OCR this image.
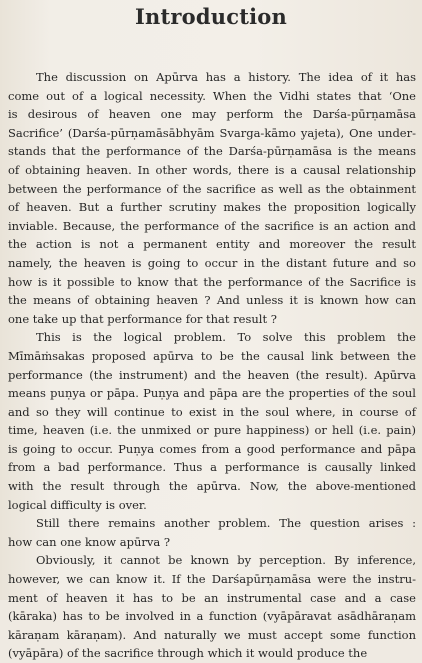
Introduction
The discussion on Apūrva has a history. The idea of it has
come out of a logical necessity. When the Vidhi states that ‘One
is desirous of heaven one may perform the Darśa-pūrṇamāsa
Sacrifice’ (Darśa-pūrṇamāsābhyām Svarga-kāmo yajeta), One under-
stands that the performance of the Darśa-pūrṇamāsa is the means
of obtaining heaven. In other words, there is a causal relationship
between the performance of the sacrifice as well as the obtainment
of heaven. But a further scrutiny makes the proposition logically
inviable. Because, the performance of the sacrifice is an action and
the action is not a permanent entity and moreover the result
namely, the heaven is going to occur in the distant future and so
how is it possible to know that the performance of the Sacrifice is
the means of obtaining heaven ? And unless it is known how can
one take up that performance for that result ?
This is the logical problem. To solve this problem the
Mīmāṁsakas proposed apūrva to be the causal link between the
performance (the instrument) and the heaven (the result). Apūrva
means puṇya or pāpa. Puṇya and pāpa are the properties of the soul
and so they will continue to exist in the soul where, in course of
time, heaven (i.e. the unmixed or pure happiness) or hell (i.e. pain)
is going to occur. Puṇya comes from a good performance and pāpa
from a bad performance. Thus a performance is causally linked
with the result through the apūrva. Now, the above-mentioned
logical difficulty is over.
Still there remains another problem. The question arises :
how can one know apūrva ?
Obviously, it cannot be known by perception. By inference,
however, we can know it. If the Darśapūrṇamāsa were the instru-
ment of heaven it has to be an instrumental case and a case
(kāraka) has to be involved in a function (vyāpāravat asādhāraṇam
kāraṇam kāraṇam). And naturally we must accept some function
(vyāpāra) of the sacrifice through which it would produce the
